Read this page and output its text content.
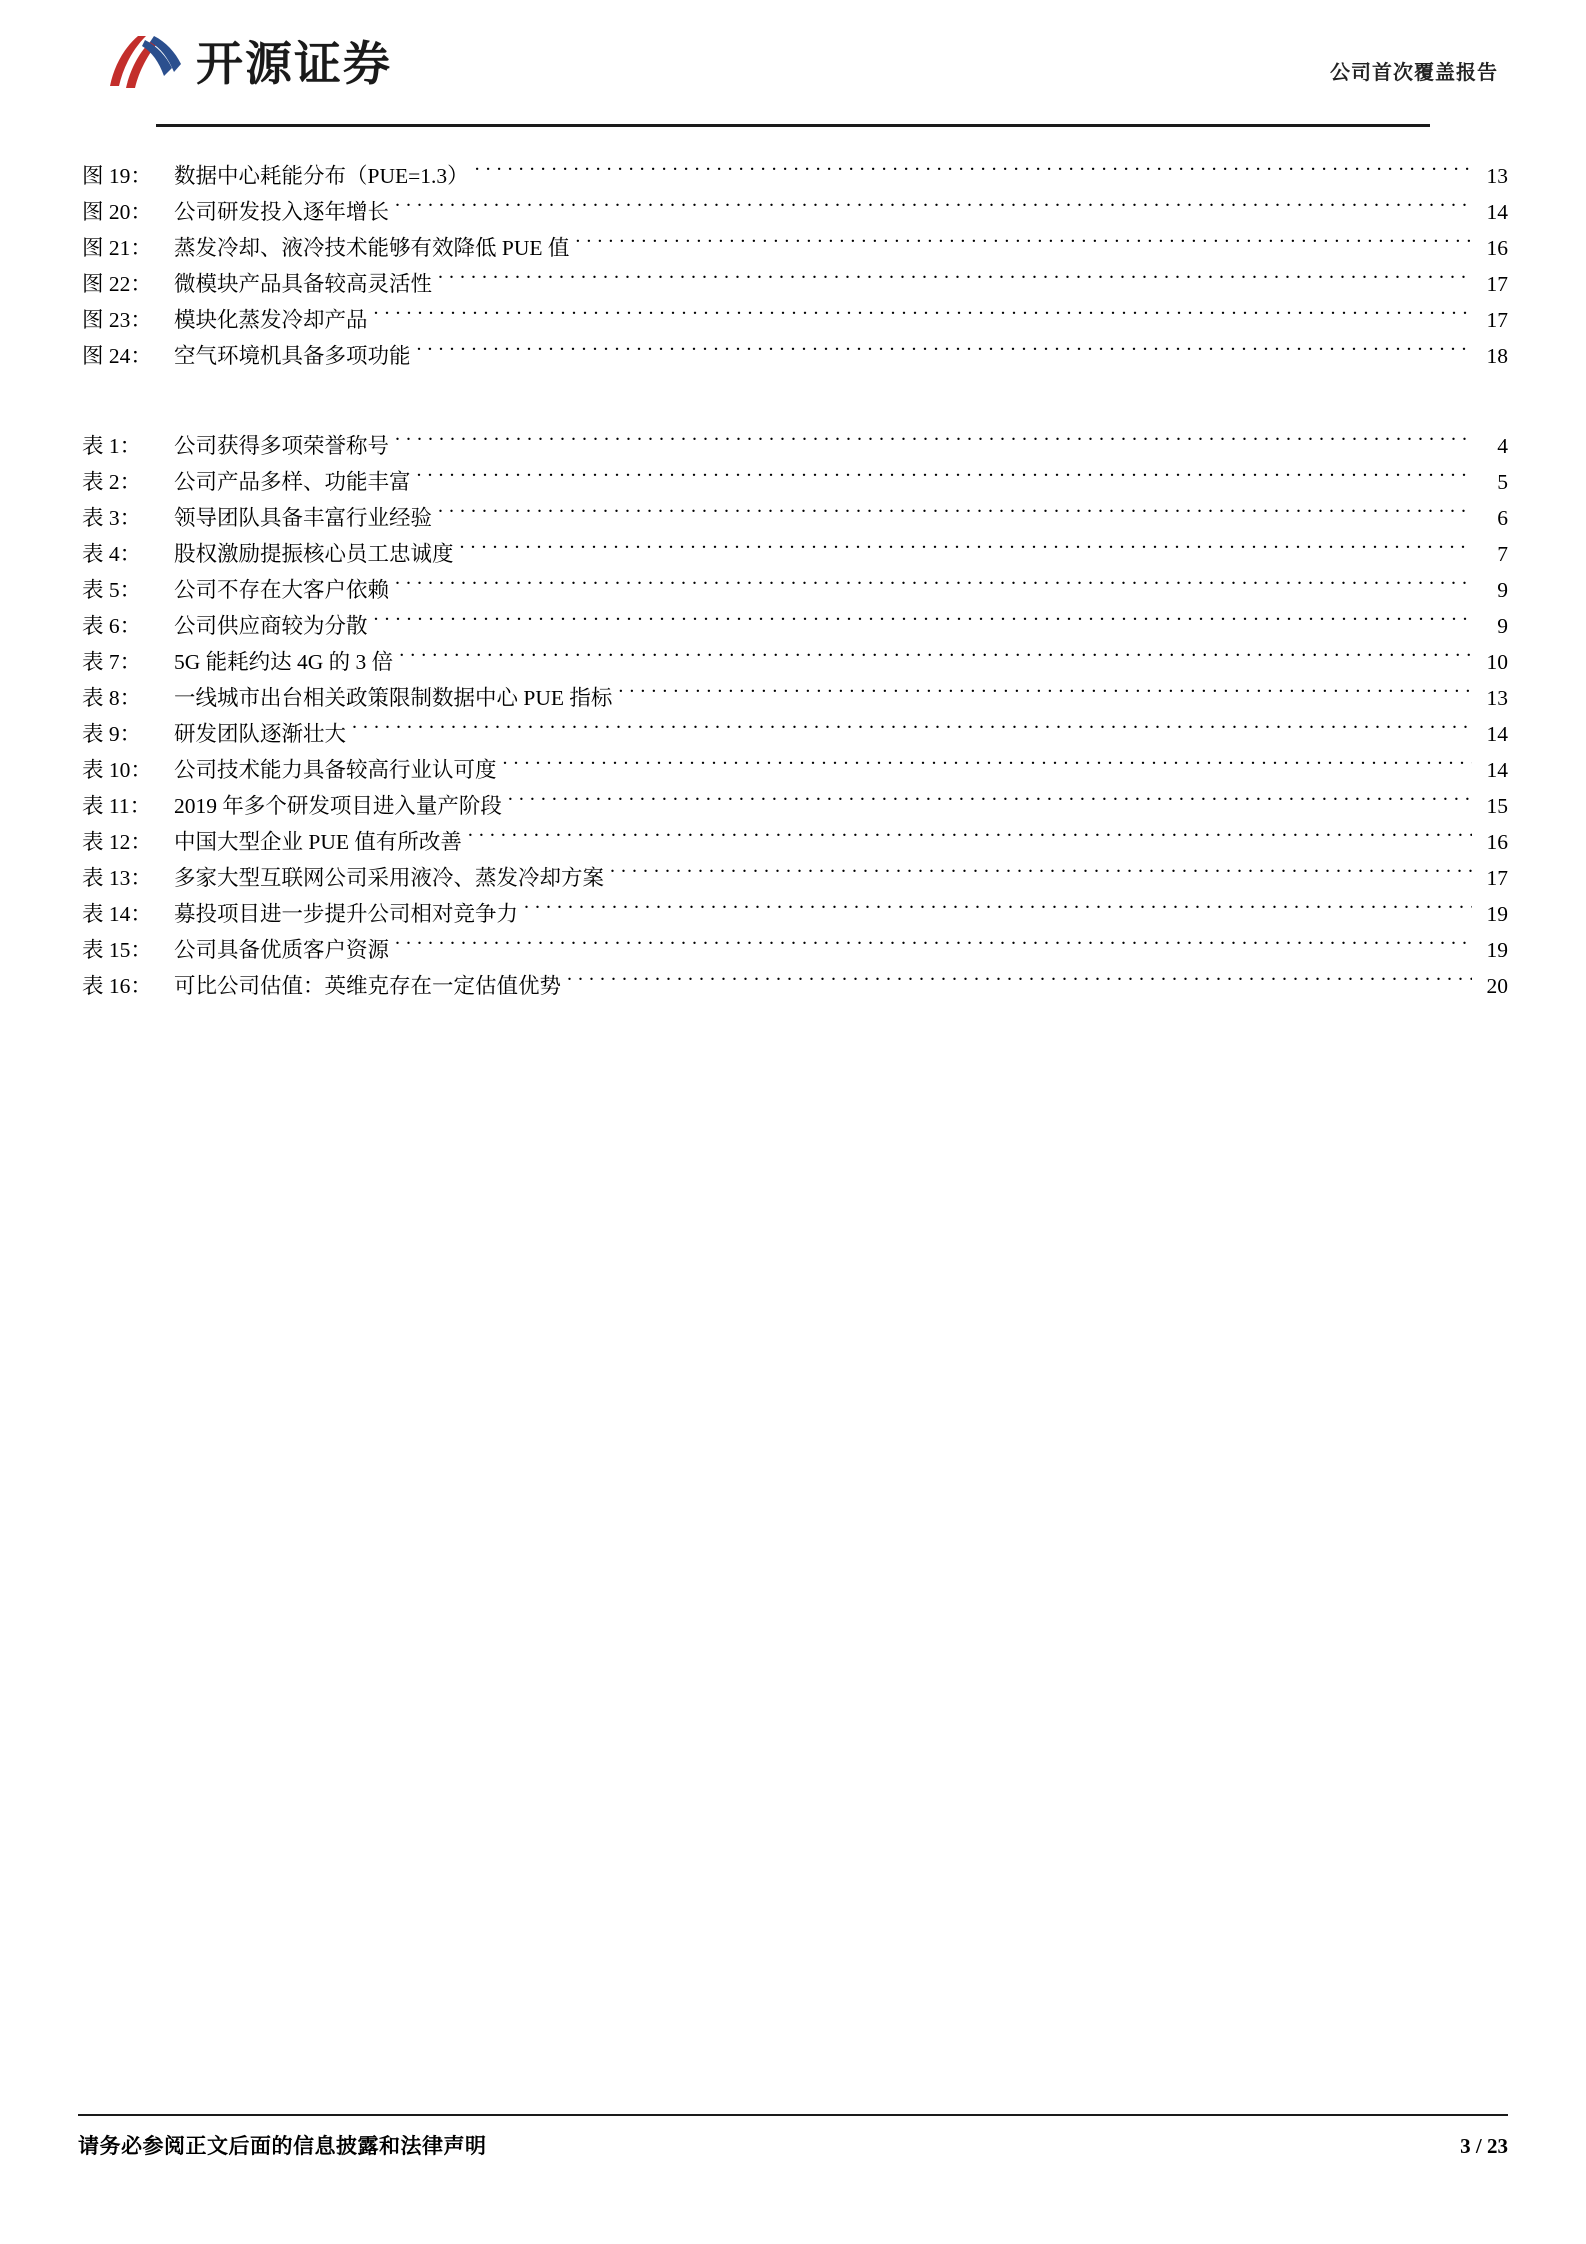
开源证券	公司首次覆盖报告
图 19：	数据中心耗能分布（PUE=1.3） . . .	13
图 20：	公司研发投入逐年增长 . . .	14
图 21：	蒸发冷却、液冷技术能够有效降低 PUE 值 . . .	16
图 22：	微模块产品具备较高灵活性 . . .	17
图 23：	模块化蒸发冷却产品 . . .	17
图 24：	空气环境机具备多项功能 . . .	18
表 1：	公司获得多项荣誉称号 . . .	4
表 2：	公司产品多样、功能丰富 . . .	5
表 3：	领导团队具备丰富行业经验 . . .	6
表 4：	股权激励提振核心员工忠诚度 . . .	7
表 5：	公司不存在大客户依赖 . . .	9
表 6：	公司供应商较为分散 . . .	9
表 7：	5G 能耗约达 4G 的 3 倍 . . .	10
表 8：	一线城市出台相关政策限制数据中心 PUE 指标 . . .	13
表 9：	研发团队逐渐壮大 . . .	14
表 10：	公司技术能力具备较高行业认可度 . . .	14
表 11：	2019 年多个研发项目进入量产阶段 . . .	15
表 12：	中国大型企业 PUE 值有所改善 . . .	16
表 13：	多家大型互联网公司采用液冷、蒸发冷却方案 . . .	17
表 14：	募投项目进一步提升公司相对竞争力 . . .	19
表 15：	公司具备优质客户资源 . . .	19
表 16：	可比公司估值：英维克存在一定估值优势 . . .	20
请务必参阅正文后面的信息披露和法律声明	3 / 23
